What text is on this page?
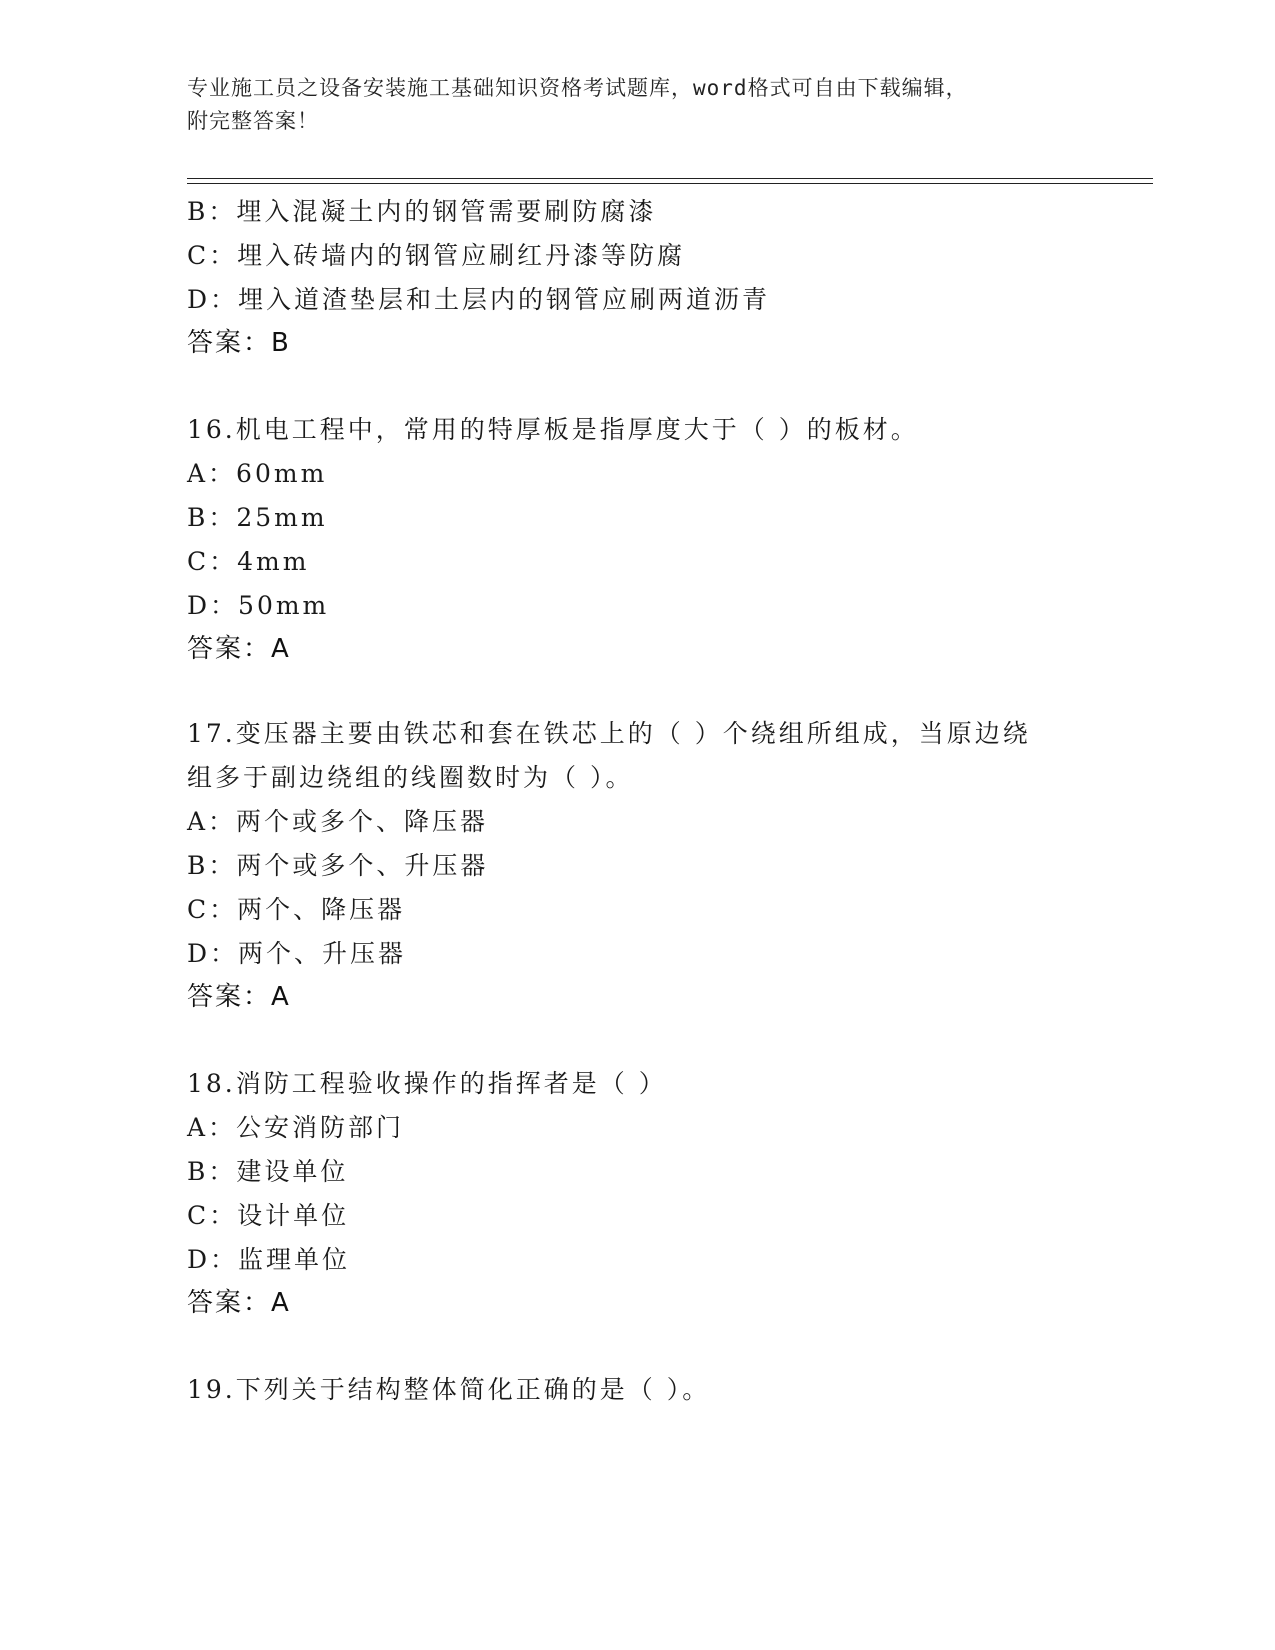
专业施工员之设备安装施工基础知识资格考试题库，word格式可自由下载编辑，
附完整答案！
B：埋入混凝土内的钢管需要刷防腐漆
C：埋入砖墙内的钢管应刷红丹漆等防腐
D：埋入道渣垫层和土层内的钢管应刷两道沥青
答案：B
16.机电工程中，常用的特厚板是指厚度大于（ ）的板材。
A：60mm
B：25mm
C：4mm
D：50mm
答案：A
17.变压器主要由铁芯和套在铁芯上的（ ）个绕组所组成，当原边绕
组多于副边绕组的线圈数时为（ ）。
A：两个或多个、降压器
B：两个或多个、升压器
C：两个、降压器
D：两个、升压器
答案：A
18.消防工程验收操作的指挥者是（ ）
A：公安消防部门
B：建设单位
C：设计单位
D：监理单位
答案：A
19.下列关于结构整体简化正确的是（ ）。
